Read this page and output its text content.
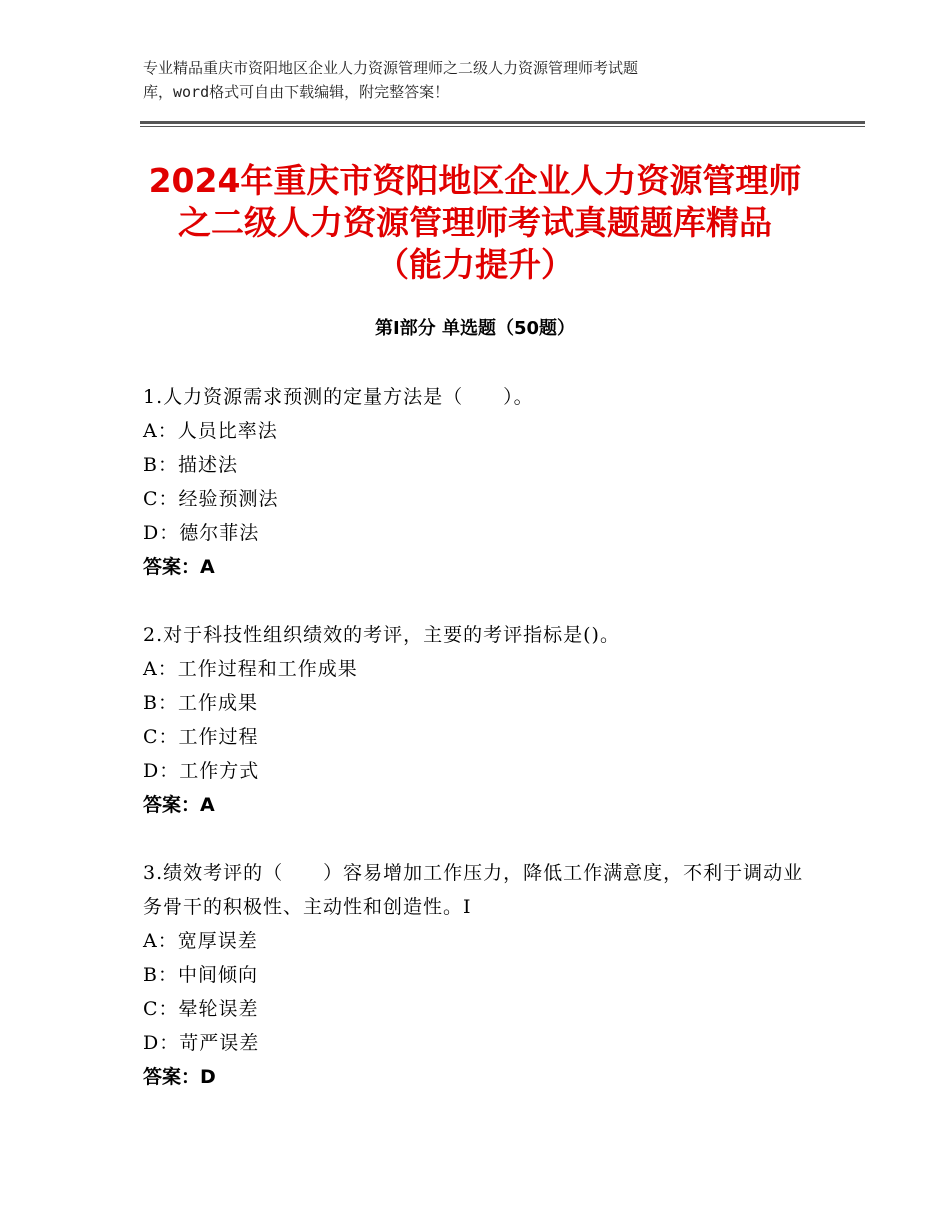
专业精品重庆市资阳地区企业人力资源管理师之二级人力资源管理师考试题
库，word格式可自由下载编辑，附完整答案！
2024年重庆市资阳地区企业人力资源管理师
之二级人力资源管理师考试真题题库精品
（能力提升）
第Ⅰ部分 单选题（50题）
1.人力资源需求预测的定量方法是（　　）。
A：人员比率法
B：描述法
C：经验预测法
D：德尔菲法
答案：A
2.对于科技性组织绩效的考评，主要的考评指标是()。
A：工作过程和工作成果
B：工作成果
C：工作过程
D：工作方式
答案：A
3.绩效考评的（　　）容易增加工作压力，降低工作满意度，不利于调动业务骨干的积极性、主动性和创造性。I
A：宽厚误差
B：中间倾向
C：晕轮误差
D：苛严误差
答案：D
